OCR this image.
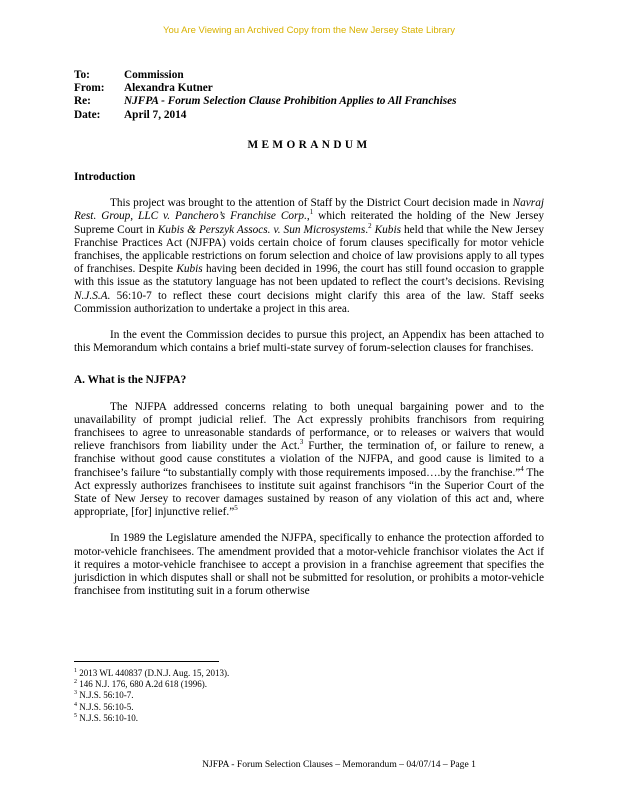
You Are Viewing an Archived Copy from the New Jersey State Library
To:	Commission
From:	Alexandra Kutner
Re:	NJFPA - Forum Selection Clause Prohibition Applies to All Franchises
Date:	April 7, 2014
MEMORANDUM
Introduction
This project was brought to the attention of Staff by the District Court decision made in Navraj Rest. Group, LLC v. Panchero’s Franchise Corp.,$^1$ which reiterated the holding of the New Jersey Supreme Court in Kubis & Perszyk Assocs. v. Sun Microsystems.$^2$ Kubis held that while the New Jersey Franchise Practices Act (NJFPA) voids certain choice of forum clauses specifically for motor vehicle franchises, the applicable restrictions on forum selection and choice of law provisions apply to all types of franchises. Despite Kubis having been decided in 1996, the court has still found occasion to grapple with this issue as the statutory language has not been updated to reflect the court’s decisions. Revising N.J.S.A. 56:10-7 to reflect these court decisions might clarify this area of the law. Staff seeks Commission authorization to undertake a project in this area.
In the event the Commission decides to pursue this project, an Appendix has been attached to this Memorandum which contains a brief multi-state survey of forum-selection clauses for franchises.
A. What is the NJFPA?
The NJFPA addressed concerns relating to both unequal bargaining power and to the unavailability of prompt judicial relief. The Act expressly prohibits franchisors from requiring franchisees to agree to unreasonable standards of performance, or to releases or waivers that would relieve franchisors from liability under the Act.$^3$ Further, the termination of, or failure to renew, a franchise without good cause constitutes a violation of the NJFPA, and good cause is limited to a franchisee’s failure “to substantially comply with those requirements imposed….by the franchise.”$^4$ The Act expressly authorizes franchisees to institute suit against franchisors “in the Superior Court of the State of New Jersey to recover damages sustained by reason of any violation of this act and, where appropriate, [for] injunctive relief.”$^5$
In 1989 the Legislature amended the NJFPA, specifically to enhance the protection afforded to motor-vehicle franchisees. The amendment provided that a motor-vehicle franchisor violates the Act if it requires a motor-vehicle franchisee to accept a provision in a franchise agreement that specifies the jurisdiction in which disputes shall or shall not be submitted for resolution, or prohibits a motor-vehicle franchisee from instituting suit in a forum otherwise
$^1$ 2013 WL 440837 (D.N.J. Aug. 15, 2013).
$^2$ 146 N.J. 176, 680 A.2d 618 (1996).
$^3$ N.J.S. 56:10-7.
$^4$ N.J.S. 56:10-5.
$^5$ N.J.S. 56:10-10.
NJFPA - Forum Selection Clauses – Memorandum – 04/07/14 – Page 1
